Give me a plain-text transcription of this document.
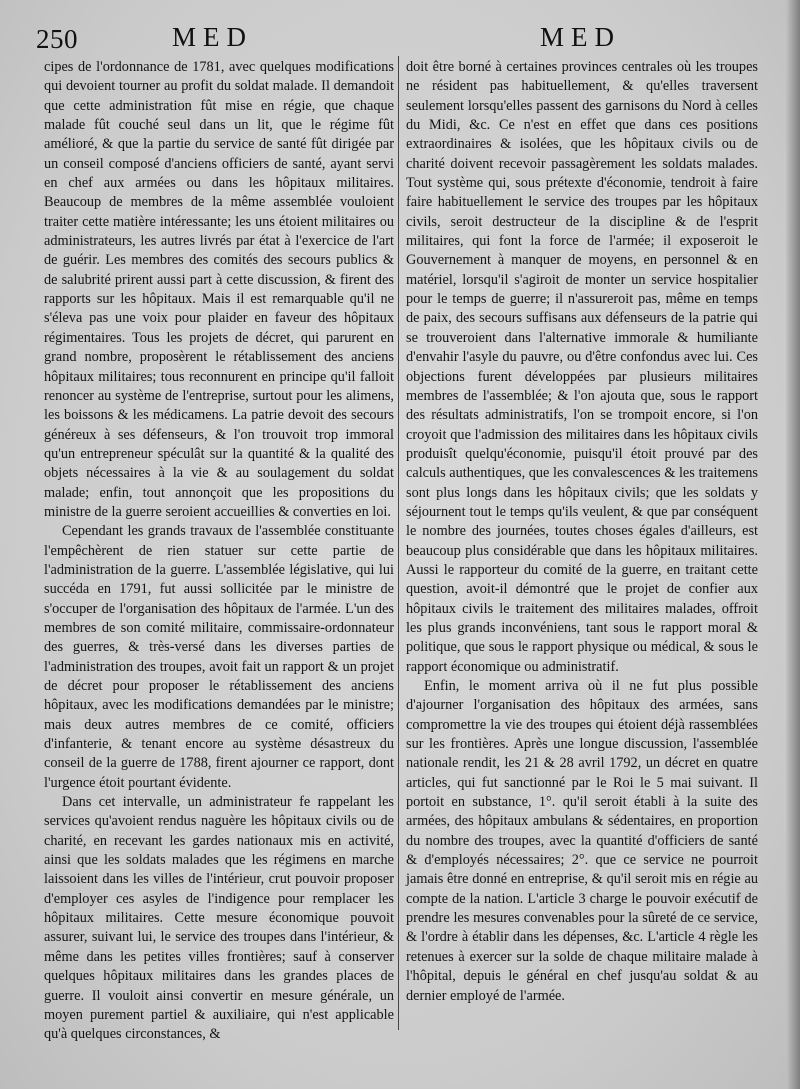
250	MED	MED

cipes de l'ordonnance de 1781, avec quelques modifications qui devoient tourner au profit du soldat malade. Il demandoit que cette administration fût mise en régie, que chaque malade fût couché seul dans un lit, que le régime fût amélioré, & que la partie du service de santé fût dirigée par un conseil composé d'anciens officiers de santé, ayant servi en chef aux armées ou dans les hôpitaux militaires. Beaucoup de membres de la même assemblée vouloient traiter cette matière intéressante; les uns étoient militaires ou administrateurs, les autres livrés par état à l'exercice de l'art de guérir. Les membres des comités des secours publics & de salubrité prirent aussi part à cette discussion, & firent des rapports sur les hôpitaux. Mais il est remarquable qu'il ne s'éleva pas une voix pour plaider en faveur des hôpitaux régimentaires. Tous les projets de décret, qui parurent en grand nombre, proposèrent le rétablissement des anciens hôpitaux militaires; tous reconnurent en principe qu'il falloit renoncer au système de l'entreprise, surtout pour les alimens, les boissons & les médicamens. La patrie devoit des secours généreux à ses défenseurs, & l'on trouvoit trop immoral qu'un entrepreneur spéculât sur la quantité & la qualité des objets nécessaires à la vie & au soulagement du soldat malade; enfin, tout annonçoit que les propositions du ministre de la guerre seroient accueillies & converties en loi.

Cependant les grands travaux de l'assemblée constituante l'empêchèrent de rien statuer sur cette partie de l'administration de la guerre. L'assemblée législative, qui lui succéda en 1791, fut aussi sollicitée par le ministre de s'occuper de l'organisation des hôpitaux de l'armée. L'un des membres de son comité militaire, commissaire-ordonnateur des guerres, & très-versé dans les diverses parties de l'administration des troupes, avoit fait un rapport & un projet de décret pour proposer le rétablissement des anciens hôpitaux, avec les modifications demandées par le ministre; mais deux autres membres de ce comité, officiers d'infanterie, & tenant encore au système désastreux du conseil de la guerre de 1788, firent ajourner ce rapport, dont l'urgence étoit pourtant évidente.

Dans cet intervalle, un administrateur fe rappelant les services qu'avoient rendus naguère les hôpitaux civils ou de charité, en recevant les gardes nationaux mis en activité, ainsi que les soldats malades que les régimens en marche laissoient dans les villes de l'intérieur, crut pouvoir proposer d'employer ces asyles de l'indigence pour remplacer les hôpitaux militaires. Cette mesure économique pouvoit assurer, suivant lui, le service des troupes dans l'intérieur, & même dans les petites villes frontières; sauf à conserver quelques hôpitaux militaires dans les grandes places de guerre. Il vouloit ainsi convertir en mesure générale, un moyen purement partiel & auxiliaire, qui n'est applicable qu'à quelques circonstances, &

doit être borné à certaines provinces centrales où les troupes ne résident pas habituellement, & qu'elles traversent seulement lorsqu'elles passent des garnisons du Nord à celles du Midi, &c. Ce n'est en effet que dans ces positions extraordinaires & isolées, que les hôpitaux civils ou de charité doivent recevoir passagèrement les soldats malades. Tout système qui, sous prétexte d'économie, tendroit à faire faire habituellement le service des troupes par les hôpitaux civils, seroit destructeur de la discipline & de l'esprit militaires, qui font la force de l'armée; il exposeroit le Gouvernement à manquer de moyens, en personnel & en matériel, lorsqu'il s'agiroit de monter un service hospitalier pour le temps de guerre; il n'assureroit pas, même en temps de paix, des secours suffisans aux défenseurs de la patrie qui se trouveroient dans l'alternative immorale & humiliante d'envahir l'asyle du pauvre, ou d'être confondus avec lui. Ces objections furent développées par plusieurs militaires membres de l'assemblée; & l'on ajouta que, sous le rapport des résultats administratifs, l'on se trompoit encore, si l'on croyoit que l'admission des militaires dans les hôpitaux civils produisît quelqu'économie, puisqu'il étoit prouvé par des calculs authentiques, que les convalescences & les traitemens sont plus longs dans les hôpitaux civils; que les soldats y séjournent tout le temps qu'ils veulent, & que par conséquent le nombre des journées, toutes choses égales d'ailleurs, est beaucoup plus considérable que dans les hôpitaux militaires. Aussi le rapporteur du comité de la guerre, en traitant cette question, avoit-il démontré que le projet de confier aux hôpitaux civils le traitement des militaires malades, offroit les plus grands inconvéniens, tant sous le rapport moral & politique, que sous le rapport physique ou médical, & sous le rapport économique ou administratif.

Enfin, le moment arriva où il ne fut plus possible d'ajourner l'organisation des hôpitaux des armées, sans compromettre la vie des troupes qui étoient déjà rassemblées sur les frontières. Après une longue discussion, l'assemblée nationale rendit, les 21 & 28 avril 1792, un décret en quatre articles, qui fut sanctionné par le Roi le 5 mai suivant. Il portoit en substance, 1°. qu'il seroit établi à la suite des armées, des hôpitaux ambulans & sédentaires, en proportion du nombre des troupes, avec la quantité d'officiers de santé & d'employés nécessaires; 2°. que ce service ne pourroit jamais être donné en entreprise, & qu'il seroit mis en régie au compte de la nation. L'article 3 charge le pouvoir exécutif de prendre les mesures convenables pour la sûreté de ce service, & l'ordre à établir dans les dépenses, &c. L'article 4 règle les retenues à exercer sur la solde de chaque militaire malade à l'hôpital, depuis le général en chef jusqu'au soldat & au dernier employé de l'armée.
